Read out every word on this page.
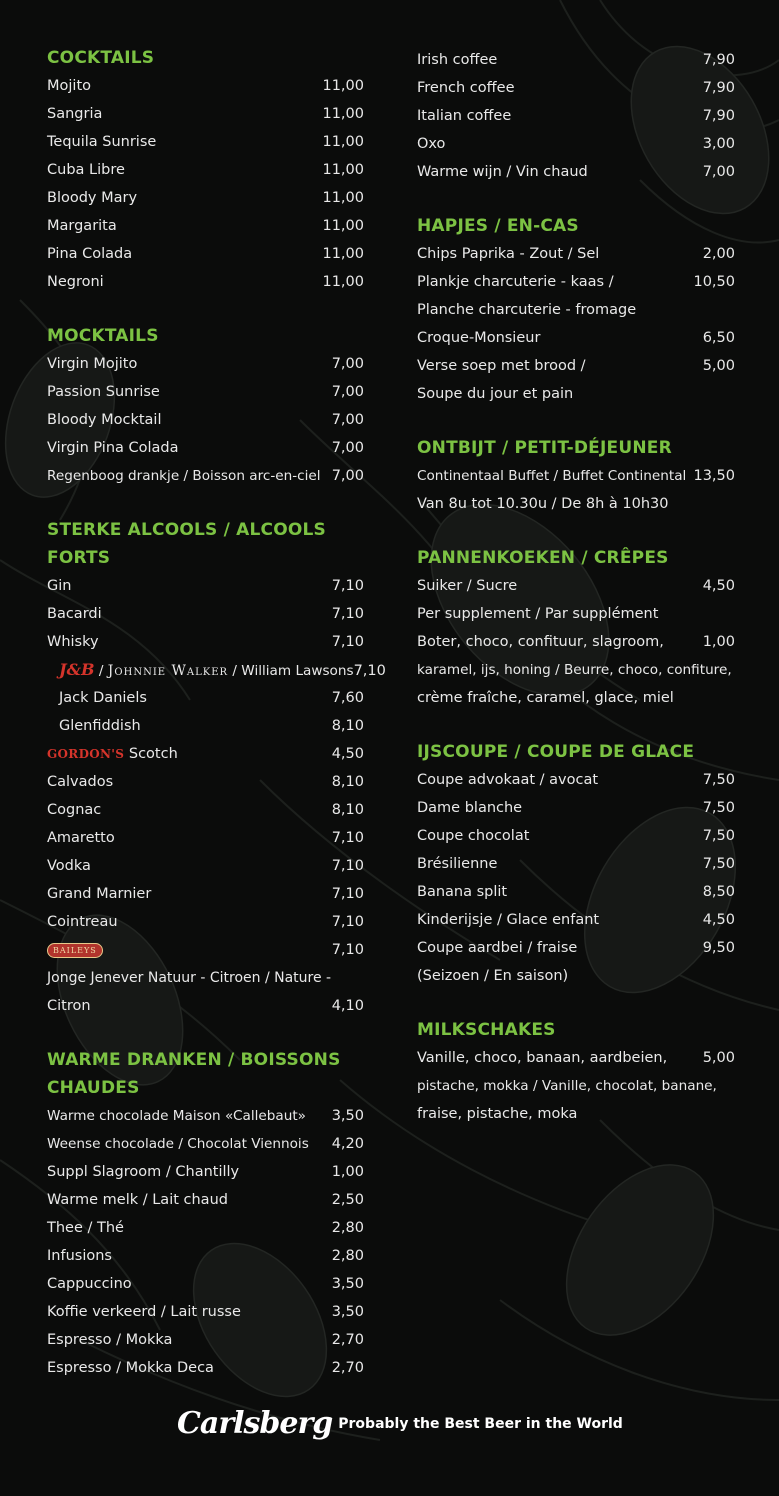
COCKTAILS
Mojito	11,00
Sangria	11,00
Tequila Sunrise	11,00
Cuba Libre	11,00
Bloody Mary	11,00
Margarita	11,00
Pina Colada	11,00
Negroni	11,00
MOCKTAILS
Virgin Mojito	7,00
Passion Sunrise	7,00
Bloody Mocktail	7,00
Virgin Pina Colada	7,00
Regenboog drankje / Boisson arc-en-ciel 7,00
STERKE ALCOOLS / ALCOOLS
FORTS
Gin	7,10
Bacardi	7,10
Whisky	7,10
J&B / Johnnie Walker / William Lawsons 7,10
Jack Daniels	7,60
Glenfiddish	8,10
GORDON'S Scotch	4,50
Calvados	8,10
Cognac	8,10
Amaretto	7,10
Vodka	7,10
Grand Marnier	7,10
Cointreau	7,10
BAILEYS	7,10
Jonge Jenever Natuur - Citroen / Nature -
Citron	4,10
WARME DRANKEN / BOISSONS
CHAUDES
Warme chocolade Maison «Callebaut» 3,50
Weense chocolade / Chocolat Viennois 4,20
Suppl Slagroom / Chantilly	1,00
Warme melk / Lait chaud	2,50
Thee / Thé	2,80
Infusions	2,80
Cappuccino	3,50
Koffie verkeerd / Lait russe	3,50
Espresso / Mokka	2,70
Espresso / Mokka Deca	2,70
Irish coffee	7,90
French coffee	7,90
Italian coffee	7,90
Oxo	3,00
Warme wijn / Vin chaud	7,00
HAPJES / EN-CAS
Chips Paprika - Zout / Sel	2,00
Plankje charcuterie - kaas /	10,50
Planche charcuterie - fromage
Croque-Monsieur	6,50
Verse soep met brood /	5,00
Soupe du jour et pain
ONTBIJT / PETIT-DÉJEUNER
Continentaal Buffet / Buffet Continental 13,50
Van 8u tot 10.30u / De 8h à 10h30
PANNENKOEKEN / CRÊPES
Suiker / Sucre	4,50
Per supplement / Par supplément
Boter, choco, confituur, slagroom,	1,00
karamel, ijs, honing / Beurre, choco, confiture,
crème fraîche, caramel, glace, miel
IJSCOUPE / COUPE DE GLACE
Coupe advokaat / avocat	7,50
Dame blanche	7,50
Coupe chocolat	7,50
Brésilienne	7,50
Banana split	8,50
Kinderijsje / Glace enfant	4,50
Coupe aardbei / fraise	9,50
(Seizoen / En saison)
MILKSCHAKES
Vanille, choco, banaan, aardbeien, 5,00
pistache, mokka / Vanille, chocolat, banane,
fraise, pistache, moka
Carlsberg Probably the Best Beer in the World
